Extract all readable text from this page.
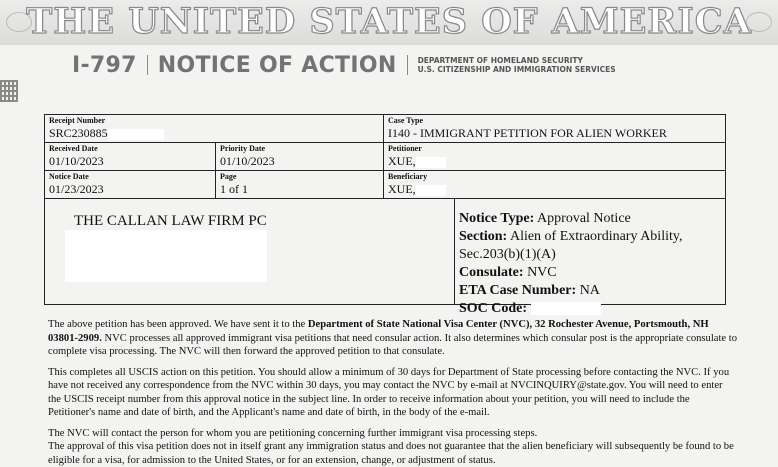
THE UNITED STATES OF AMERICA
I-797 NOTICE OF ACTION	DEPARTMENT OF HOMELAND SECURITY
U.S. CITIZENSHIP AND IMMIGRATION SERVICES
Receipt Number
SRC230885
Case Type
I140 - IMMIGRANT PETITION FOR ALIEN WORKER
Received Date
01/10/2023
Priority Date
01/10/2023
Petitioner
XUE,
Notice Date
01/23/2023
Page
1 of 1
Beneficiary
XUE,
THE CALLAN LAW FIRM PC	Notice Type: Approval Notice
Section: Alien of Extraordinary Ability,
Sec.203(b)(1)(A)
Consulate: NVC
ETA Case Number: NA
SOC Code:

The above petition has been approved. We have sent it to the Department of State National Visa Center (NVC), 32 Rochester Avenue, Portsmouth, NH 03801-2909. NVC processes all approved immigrant visa petitions that need consular action. It also determines which consular post is the appropriate consulate to complete visa processing. The NVC will then forward the approved petition to that consulate.

This completes all USCIS action on this petition. You should allow a minimum of 30 days for Department of State processing before contacting the NVC. If you have not received any correspondence from the NVC within 30 days, you may contact the NVC by e-mail at NVCINQUIRY@state.gov. You will need to enter the USCIS receipt number from this approval notice in the subject line. In order to receive information about your petition, you will need to include the Petitioner's name and date of birth, and the Applicant's name and date of birth, in the body of the e-mail.

The NVC will contact the person for whom you are petitioning concerning further immigrant visa processing steps.

The approval of this visa petition does not in itself grant any immigration status and does not guarantee that the alien beneficiary will subsequently be found to be eligible for a visa, for admission to the United States, or for an extension, change, or adjustment of status.
